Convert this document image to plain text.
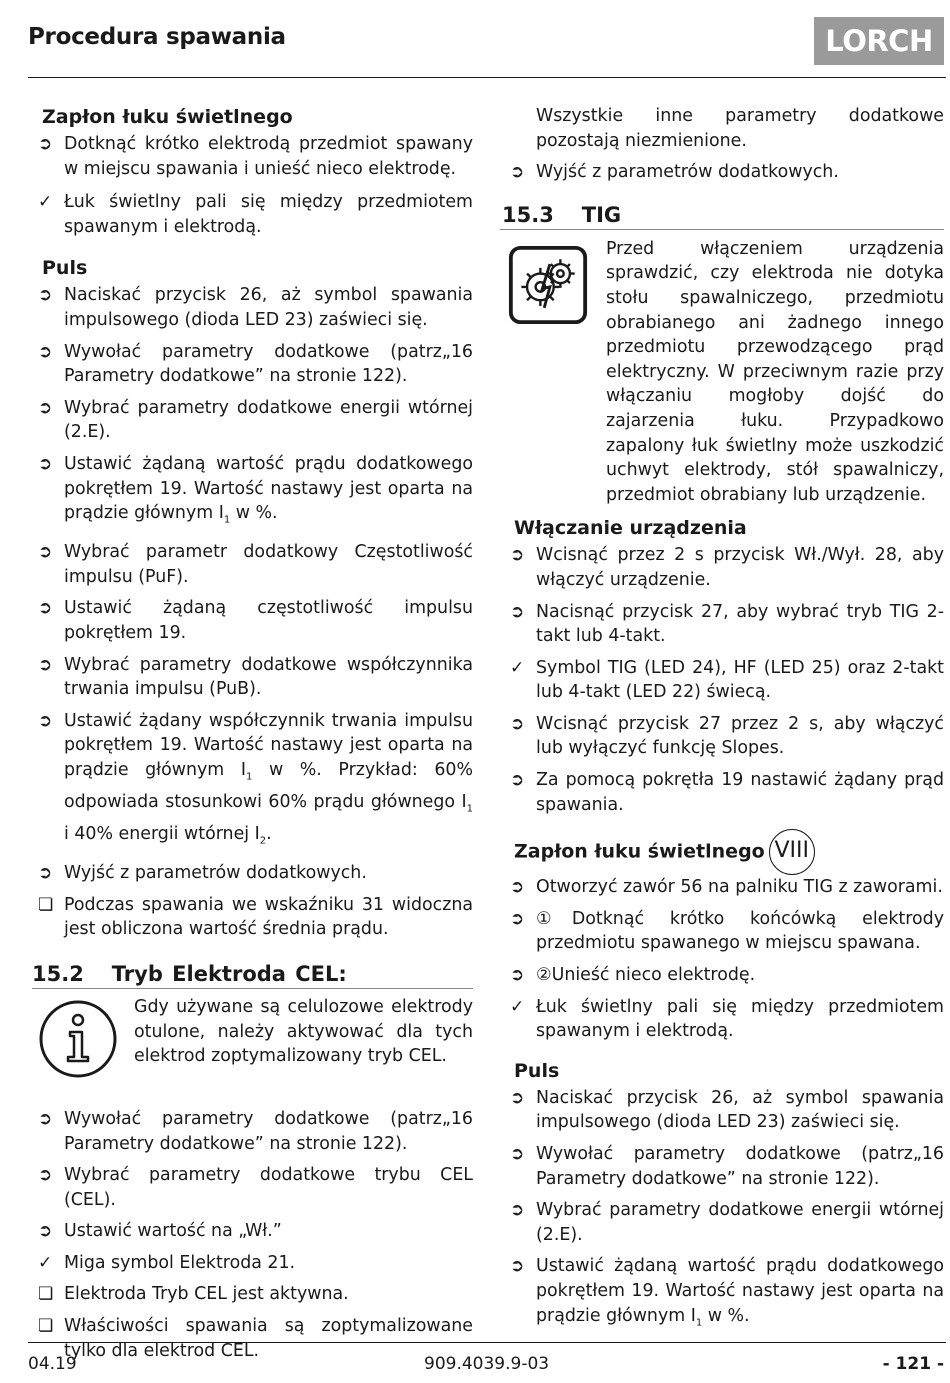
Procedura spawania	LORCH
Zapłon łuku świetlnego
➲ Dotknąć krótko elektrodą przedmiot spawany w miejscu spawania i unieść nieco elektrodę.
✓ Łuk świetlny pali się między przedmiotem spawanym i elektrodą.
Puls
➲ Naciskać przycisk 26, aż symbol spawania impulsowego (dioda LED 23) zaświeci się.
➲ Wywołać parametry dodatkowe (patrz„16 Parametry dodatkowe” na stronie 122).
➲ Wybrać parametry dodatkowe energii wtórnej (2.E).
➲ Ustawić żądaną wartość prądu dodatkowego pokrętłem 19. Wartość nastawy jest oparta na prądzie głównym $I_1$ w %.
➲ Wybrać parametr dodatkowy Częstotliwość impulsu (PuF).
➲ Ustawić żądaną częstotliwość impulsu pokrętłem 19.
➲ Wybrać parametry dodatkowe współczynnika trwania impulsu (PuB).
➲ Ustawić żądany współczynnik trwania impulsu pokrętłem 19. Wartość nastawy jest oparta na prądzie głównym $I_1$ w %. Przykład: 60% odpowiada stosunkowi 60% prądu głównego $I_1$ i 40% energii wtórnej $I_2$.
➲ Wyjść z parametrów dodatkowych.
❏ Podczas spawania we wskaźniku 31 widoczna jest obliczona wartość średnia prądu.
15.2 Tryb Elektroda CEL:
Gdy używane są celulozowe elektrody otulone, należy aktywować dla tych elektrod zoptymalizowany tryb CEL.
➲ Wywołać parametry dodatkowe (patrz„16 Parametry dodatkowe” na stronie 122).
➲ Wybrać parametry dodatkowe trybu CEL (CEL).
➲ Ustawić wartość na „Wł.”
✓ Miga symbol Elektroda 21.
❏ Elektroda Tryb CEL jest aktywna.
❏ Właściwości spawania są zoptymalizowane tylko dla elektrod CEL.
Wszystkie inne parametry dodatkowe pozostają niezmienione.
➲ Wyjść z parametrów dodatkowych.
15.3 TIG
Przed włączeniem urządzenia sprawdzić, czy elektroda nie dotyka stołu spawalniczego, przedmiotu obrabianego ani żadnego innego przedmiotu przewodzącego prąd elektryczny. W przeciwnym razie przy włączaniu mogłoby dojść do zajarzenia łuku. Przypadkowo zapalony łuk świetlny może uszkodzić uchwyt elektrody, stół spawalniczy, przedmiot obrabiany lub urządzenie.
Włączanie urządzenia
➲ Wcisnąć przez 2 s przycisk Wł./Wył. 28, aby włączyć urządzenie.
➲ Nacisnąć przycisk 27, aby wybrać tryb TIG 2-takt lub 4-takt.
✓ Symbol TIG (LED 24), HF (LED 25) oraz 2-takt lub 4-takt (LED 22) świecą.
➲ Wcisnąć przycisk 27 przez 2 s, aby włączyć lub wyłączyć funkcję Slopes.
➲ Za pomocą pokrętła 19 nastawić żądany prąd spawania.
Zapłon łuku świetlnego VIII
➲ Otworzyć zawór 56 na palniku TIG z zaworami.
➲ ①Dotknąć krótko końcówką elektrody przedmiotu spawanego w miejscu spawana.
➲ ②Unieść nieco elektrodę.
✓ Łuk świetlny pali się między przedmiotem spawanym i elektrodą.
Puls
➲ Naciskać przycisk 26, aż symbol spawania impulsowego (dioda LED 23) zaświeci się.
➲ Wywołać parametry dodatkowe (patrz„16 Parametry dodatkowe” na stronie 122).
➲ Wybrać parametry dodatkowe energii wtórnej (2.E).
➲ Ustawić żądaną wartość prądu dodatkowego pokrętłem 19. Wartość nastawy jest oparta na prądzie głównym $I_1$ w %.
04.19	909.4039.9-03	- 121 -
